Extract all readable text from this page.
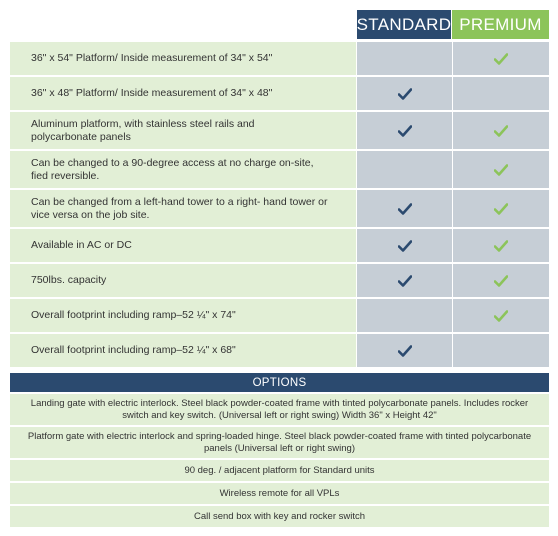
STANDARD PREMIUM
36" x 54" Platform/ Inside measurement of 34" x 54"
36" x 48" Platform/ Inside measurement of 34" x 48"
Aluminum platform, with stainless steel rails and polycarbonate panels
Can be changed to a 90-degree access at no charge on-site, fied reversible.
Can be changed from a left-hand tower to a right- hand tower or vice versa on the job site.
Available in AC or DC
750lbs. capacity
Overall footprint including ramp–52 ¼" x 74"
Overall footprint including ramp–52 ¼" x 68"
OPTIONS
Landing gate with electric interlock. Steel black powder-coated frame with tinted polycarbonate panels. Includes rocker switch and key switch. (Universal left or right swing) Width 36" x Height 42"
Platform gate with electric interlock and spring-loaded hinge. Steel black powder-coated frame with tinted polycarbonate panels (Universal left or right swing)
90 deg. / adjacent platform for Standard units
Wireless remote for all VPLs
Call send box with key and rocker switch
